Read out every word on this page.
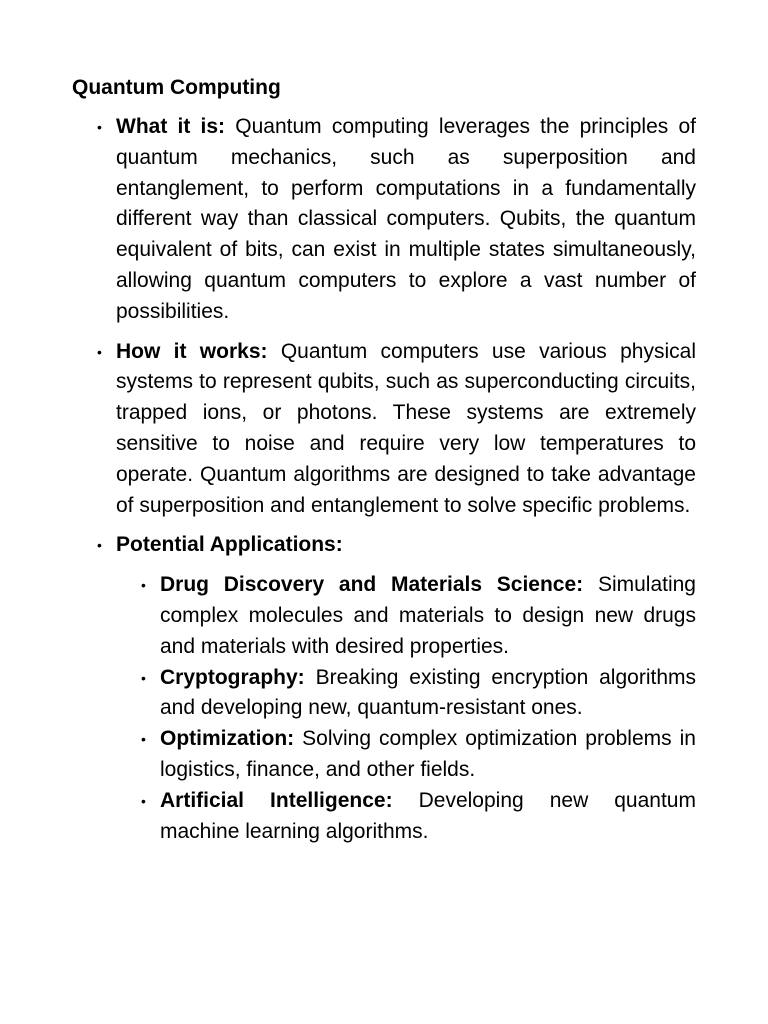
Quantum Computing
• What it is: Quantum computing leverages the principles of quantum mechanics, such as superposition and entanglement, to perform computations in a fundamentally different way than classical computers. Qubits, the quantum equivalent of bits, can exist in multiple states simultaneously, allowing quantum computers to explore a vast number of possibilities.

• How it works: Quantum computers use various physical systems to represent qubits, such as superconducting circuits, trapped ions, or photons. These systems are extremely sensitive to noise and require very low temperatures to operate. Quantum algorithms are designed to take advantage of superposition and entanglement to solve specific problems.

• Potential Applications:

• Drug Discovery and Materials Science: Simulating complex molecules and materials to design new drugs and materials with desired properties.

• Cryptography: Breaking existing encryption algorithms and developing new, quantum-resistant ones.

• Optimization: Solving complex optimization problems in logistics, finance, and other fields.

• Artificial Intelligence: Developing new quantum machine learning algorithms.
